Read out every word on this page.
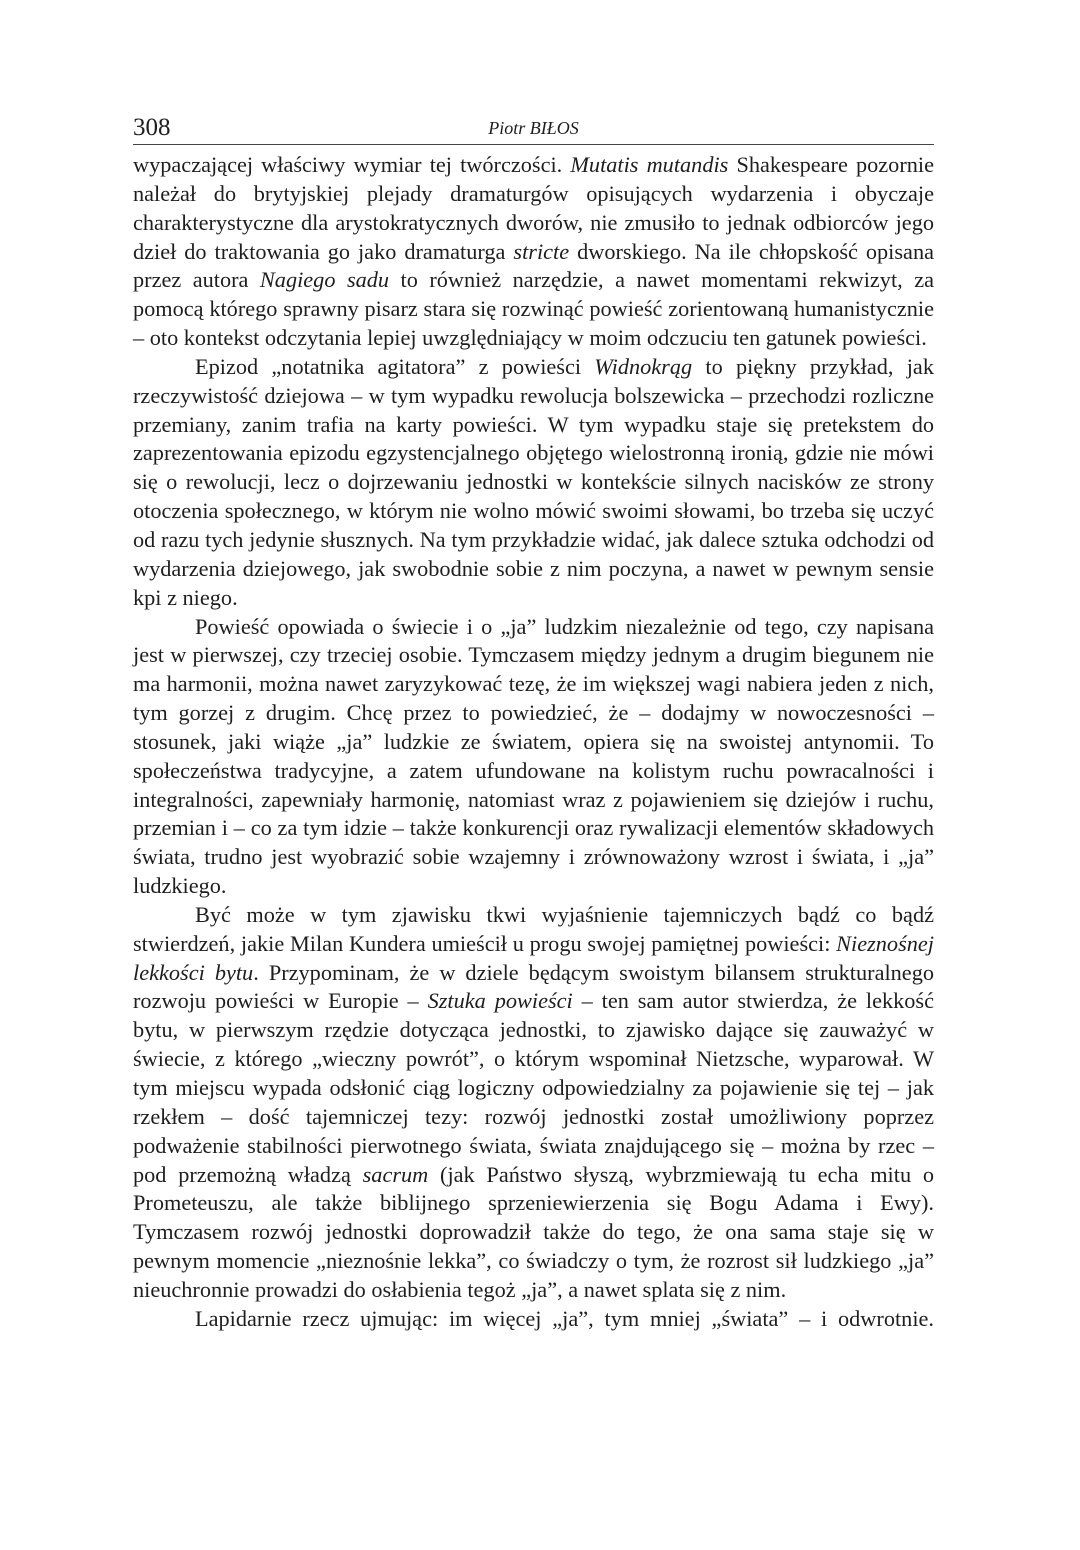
308	Piotr BIŁOS

wypaczającej właściwy wymiar tej twórczości. Mutatis mutandis Shakespeare pozornie należał do brytyjskiej plejady dramaturgów opisujących wydarzenia i obyczaje charakterystyczne dla arystokratycznych dworów, nie zmusiło to jednak odbiorców jego dzieł do traktowania go jako dramaturga stricte dworskiego. Na ile chłopskość opisana przez autora Nagiego sadu to również narzędzie, a nawet momentami rekwizyt, za pomocą którego sprawny pisarz stara się rozwinąć powieść zorientowaną humanistycznie – oto kontekst odczytania lepiej uwzględniający w moim odczuciu ten gatunek powieści.

Epizod „notatnika agitatora” z powieści Widnokrąg to piękny przykład, jak rzeczywistość dziejowa – w tym wypadku rewolucja bolszewicka – przechodzi rozliczne przemiany, zanim trafia na karty powieści. W tym wypadku staje się pretekstem do zaprezentowania epizodu egzystencjalnego objętego wielostronną ironią, gdzie nie mówi się o rewolucji, lecz o dojrzewaniu jednostki w kontekście silnych nacisków ze strony otoczenia społecznego, w którym nie wolno mówić swoimi słowami, bo trzeba się uczyć od razu tych jedynie słusznych. Na tym przykładzie widać, jak dalece sztuka odchodzi od wydarzenia dziejowego, jak swobodnie sobie z nim poczyna, a nawet w pewnym sensie kpi z niego.

Powieść opowiada o świecie i o „ja” ludzkim niezależnie od tego, czy napisana jest w pierwszej, czy trzeciej osobie. Tymczasem między jednym a drugim biegunem nie ma harmonii, można nawet zaryzykować tezę, że im większej wagi nabiera jeden z nich, tym gorzej z drugim. Chcę przez to powiedzieć, że – dodajmy w nowoczesności – stosunek, jaki wiąże „ja” ludzkie ze światem, opiera się na swoistej antynomii. To społeczeństwa tradycyjne, a zatem ufundowane na kolistym ruchu powracalności i integralności, zapewniały harmonię, natomiast wraz z pojawieniem się dziejów i ruchu, przemian i – co za tym idzie – także konkurencji oraz rywalizacji elementów składowych świata, trudno jest wyobrazić sobie wzajemny i zrównoważony wzrost i świata, i „ja” ludzkiego.

Być może w tym zjawisku tkwi wyjaśnienie tajemniczych bądź co bądź stwierdzeń, jakie Milan Kundera umieścił u progu swojej pamiętnej powieści: Nieznośnej lekkości bytu. Przypominam, że w dziele będącym swoistym bilansem strukturalnego rozwoju powieści w Europie – Sztuka powieści – ten sam autor stwierdza, że lekkość bytu, w pierwszym rzędzie dotycząca jednostki, to zjawisko dające się zauważyć w świecie, z którego „wieczny powrót”, o którym wspominał Nietzsche, wyparował. W tym miejscu wypada odsłonić ciąg logiczny odpowiedzialny za pojawienie się tej – jak rzekłem – dość tajemniczej tezy: rozwój jednostki został umożliwiony poprzez podważenie stabilności pierwotnego świata, świata znajdującego się – można by rzec – pod przemożną władzą sacrum (jak Państwo słyszą, wybrzmiewają tu echa mitu o Prometeuszu, ale także biblijnego sprzeniewierzenia się Bogu Adama i Ewy). Tymczasem rozwój jednostki doprowadził także do tego, że ona sama staje się w pewnym momencie „nieznośnie lekka”, co świadczy o tym, że rozrost sił ludzkiego „ja” nieuchronnie prowadzi do osłabienia tegoż „ja”, a nawet splata się z nim.

Lapidarnie rzecz ujmując: im więcej „ja”, tym mniej „świata” – i odwrotnie.
